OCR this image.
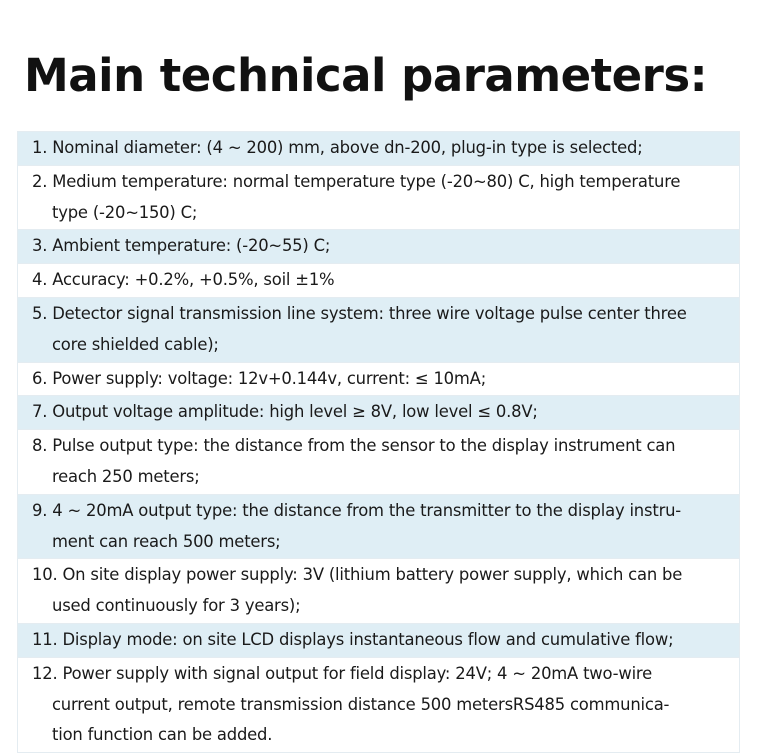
Main technical parameters:
1. Nominal diameter: (4 ~ 200) mm, above dn-200, plug-in type is selected;
2. Medium temperature: normal temperature type (-20~80) C, high temperature
type (-20~150) C;
3. Ambient temperature: (-20~55) C;
4. Accuracy: +0.2%, +0.5%, soil ±1%
5. Detector signal transmission line system: three wire voltage pulse center three
core shielded cable);
6. Power supply: voltage: 12v+0.144v, current: ≤ 10mA;
7. Output voltage amplitude: high level ≥ 8V, low level ≤ 0.8V;
8. Pulse output type: the distance from the sensor to the display instrument can
reach 250 meters;
9. 4 ~ 20mA output type: the distance from the transmitter to the display instru-
ment can reach 500 meters;
10. On site display power supply: 3V (lithium battery power supply, which can be
used continuously for 3 years);
11. Display mode: on site LCD displays instantaneous flow and cumulative flow;
12. Power supply with signal output for field display: 24V; 4 ~ 20mA two-wire
current output, remote transmission distance 500 metersRS485 communica-
tion function can be added.
